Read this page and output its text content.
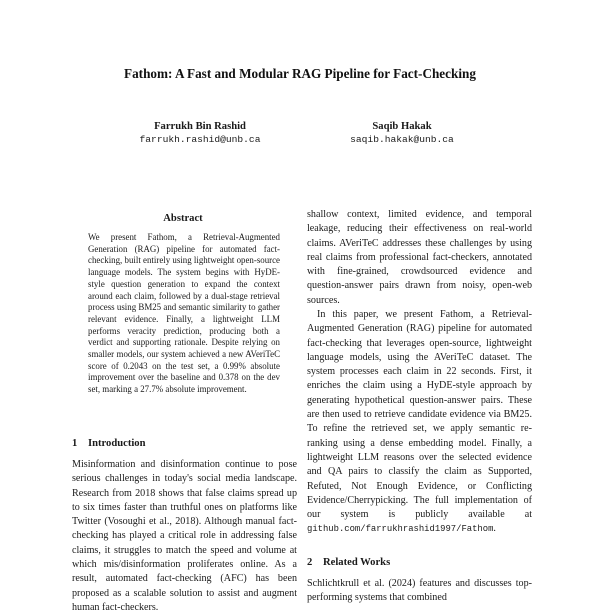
Fathom: A Fast and Modular RAG Pipeline for Fact-Checking
Farrukh Bin Rashid
farrukh.rashid@unb.ca
Saqib Hakak
saqib.hakak@unb.ca
Abstract
We present Fathom, a Retrieval-Augmented Generation (RAG) pipeline for automated fact-checking, built entirely using lightweight open-source language models. The system begins with HyDE-style question generation to expand the context around each claim, followed by a dual-stage retrieval process using BM25 and semantic similarity to gather relevant evidence. Finally, a lightweight LLM performs veracity prediction, producing both a verdict and supporting rationale. Despite relying on smaller models, our system achieved a new AVeriTeC score of 0.2043 on the test set, a 0.99% absolute improvement over the baseline and 0.378 on the dev set, marking a 27.7% absolute improvement.
1 Introduction
Misinformation and disinformation continue to pose serious challenges in today's social media landscape. Research from 2018 shows that false claims spread up to six times faster than truthful ones on platforms like Twitter (Vosoughi et al., 2018). Although manual fact-checking has played a critical role in addressing false claims, it struggles to match the speed and volume at which mis/disinformation proliferates online. As a result, automated fact-checking (AFC) has been proposed as a scalable solution to assist and augment human fact-checkers.
shallow context, limited evidence, and temporal leakage, reducing their effectiveness on real-world claims. AVeriTeC addresses these challenges by using real claims from professional fact-checkers, annotated with fine-grained, crowdsourced evidence and question-answer pairs drawn from noisy, open-web sources.
In this paper, we present Fathom, a Retrieval-Augmented Generation (RAG) pipeline for automated fact-checking that leverages open-source, lightweight language models, using the AVeriTeC dataset. The system processes each claim in 22 seconds. First, it enriches the claim using a HyDE-style approach by generating hypothetical question-answer pairs. These are then used to retrieve candidate evidence via BM25. To refine the retrieved set, we apply semantic re-ranking using a dense embedding model. Finally, a lightweight LLM reasons over the selected evidence and QA pairs to classify the claim as Supported, Refuted, Not Enough Evidence, or Conflicting Evidence/Cherrypicking. The full implementation of our system is publicly available at github.com/farrukhrashid1997/Fathom.
2 Related Works
Schlichtkrull et al. (2024) features and discusses top-performing systems that combined
